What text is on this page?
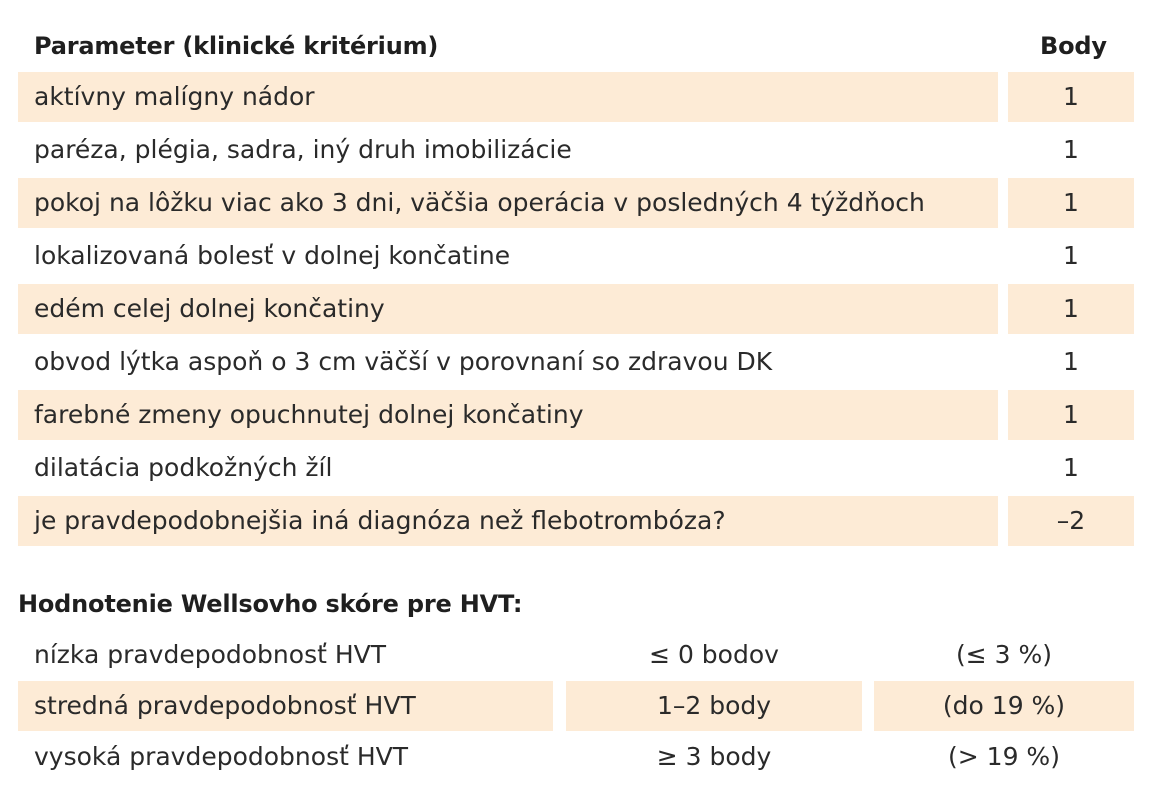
Parameter (klinické kritérium)	Body
aktívny malígny nádor	1
paréza, plégia, sadra, iný druh imobilizácie	1
pokoj na lôžku viac ako 3 dni, väčšia operácia v posledných 4 týždňoch	1
lokalizovaná bolesť v dolnej končatine	1
edém celej dolnej končatiny	1
obvod lýtka aspoň o 3 cm väčší v porovnaní so zdravou DK	1
farebné zmeny opuchnutej dolnej končatiny	1
dilatácia podkožných žíl	1
je pravdepodobnejšia iná diagnóza než flebotrombóza?	–2
Hodnotenie Wellsovho skóre pre HVT:
nízka pravdepodobnosť HVT	≤ 0 bodov	(≤ 3 %)
stredná pravdepodobnosť HVT	1–2 body	(do 19 %)
vysoká pravdepodobnosť HVT	≥ 3 body	(> 19 %)
